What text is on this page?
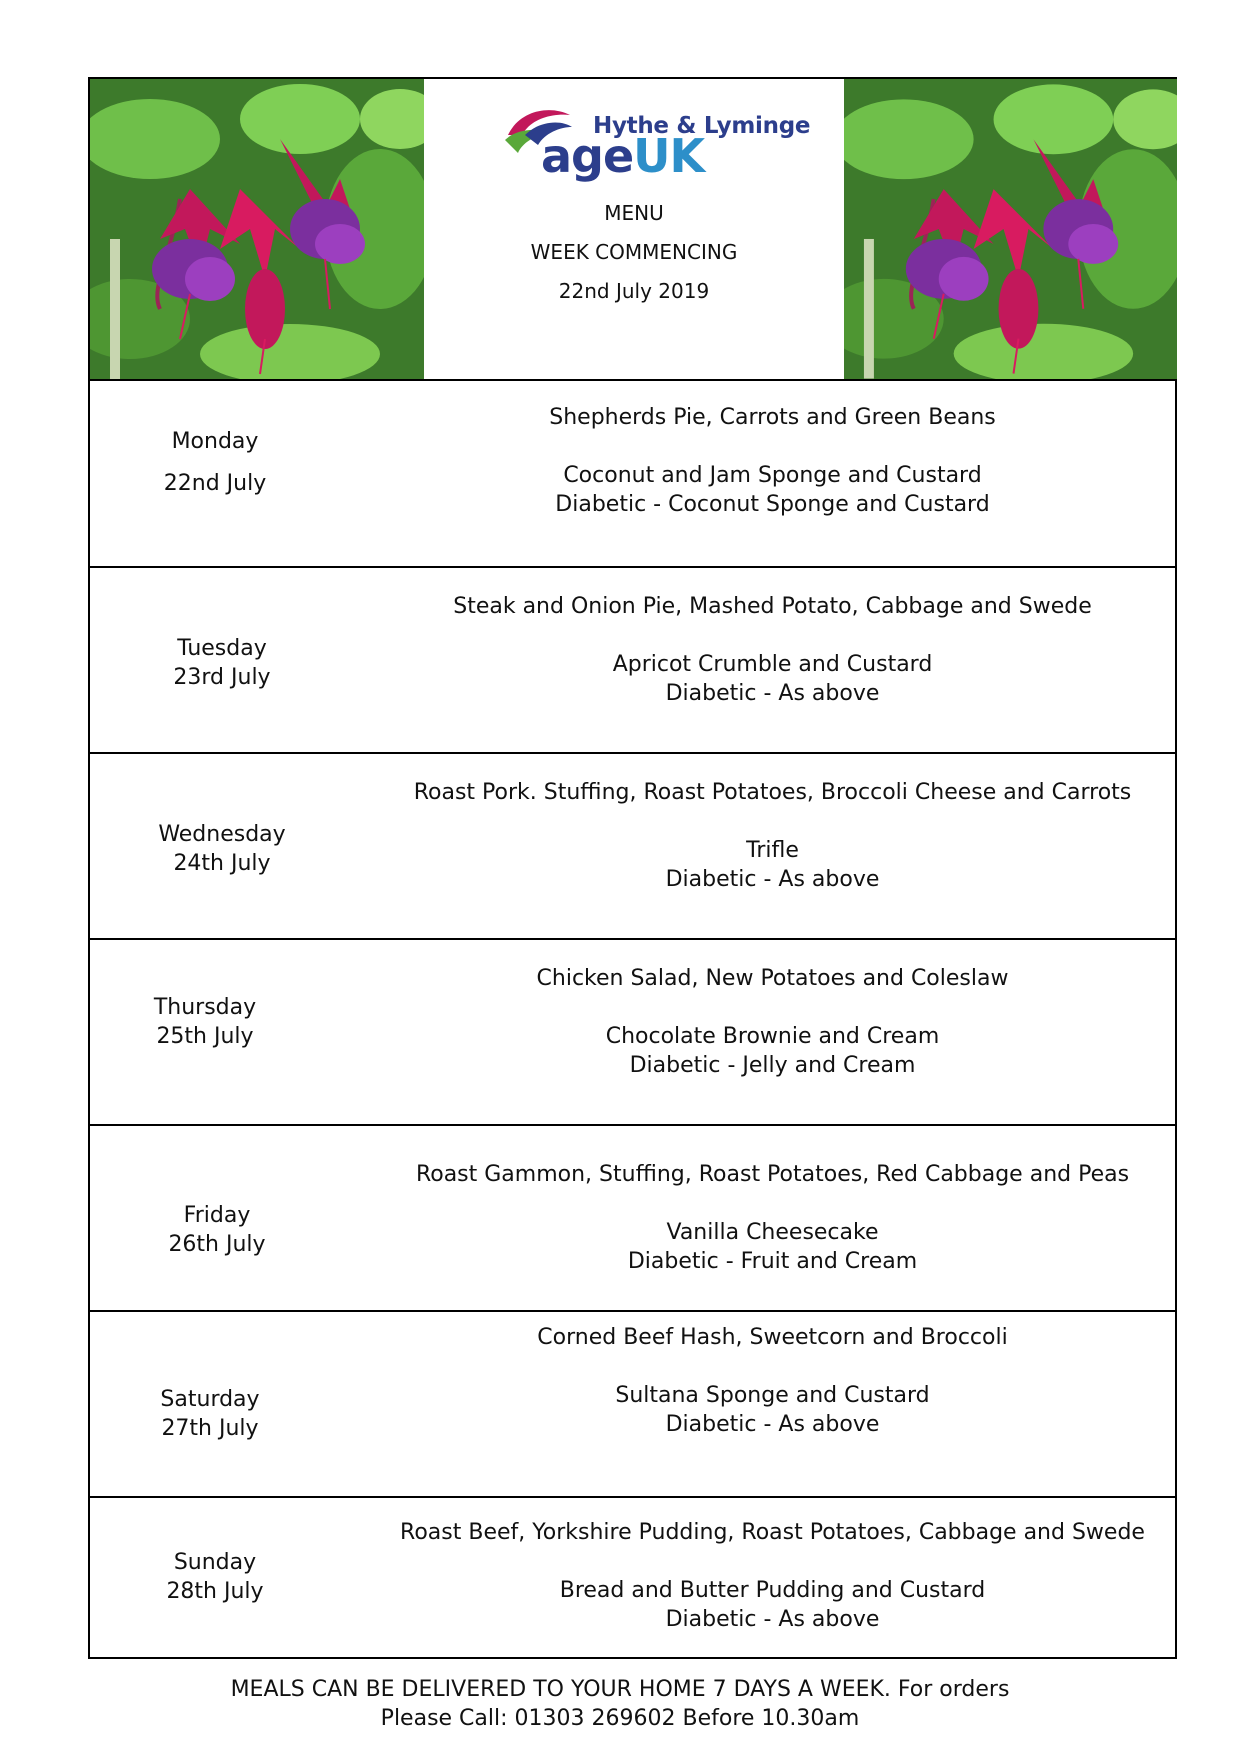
Hythe & Lyminge
ageUK
MENU
WEEK COMMENCING
22nd July 2019
Monday
22nd July
Shepherds Pie, Carrots and Green Beans
Coconut and Jam Sponge and Custard
Diabetic - Coconut Sponge and Custard
Tuesday
23rd July
Steak and Onion Pie, Mashed Potato, Cabbage and Swede
Apricot Crumble and Custard
Diabetic - As above
Wednesday
24th July
Roast Pork. Stuffing, Roast Potatoes, Broccoli Cheese and Carrots
Trifle
Diabetic - As above
Thursday
25th July
Chicken Salad, New Potatoes and Coleslaw
Chocolate Brownie and Cream
Diabetic - Jelly and Cream
Friday
26th July
Roast Gammon, Stuffing, Roast Potatoes, Red Cabbage and Peas
Vanilla Cheesecake
Diabetic - Fruit and Cream
Saturday
27th July
Corned Beef Hash, Sweetcorn and Broccoli
Sultana Sponge and Custard
Diabetic - As above
Sunday
28th July
Roast Beef, Yorkshire Pudding, Roast Potatoes, Cabbage and Swede
Bread and Butter Pudding and Custard
Diabetic - As above
MEALS CAN BE DELIVERED TO YOUR HOME 7 DAYS A WEEK. For orders
Please Call: 01303 269602 Before 10.30am
